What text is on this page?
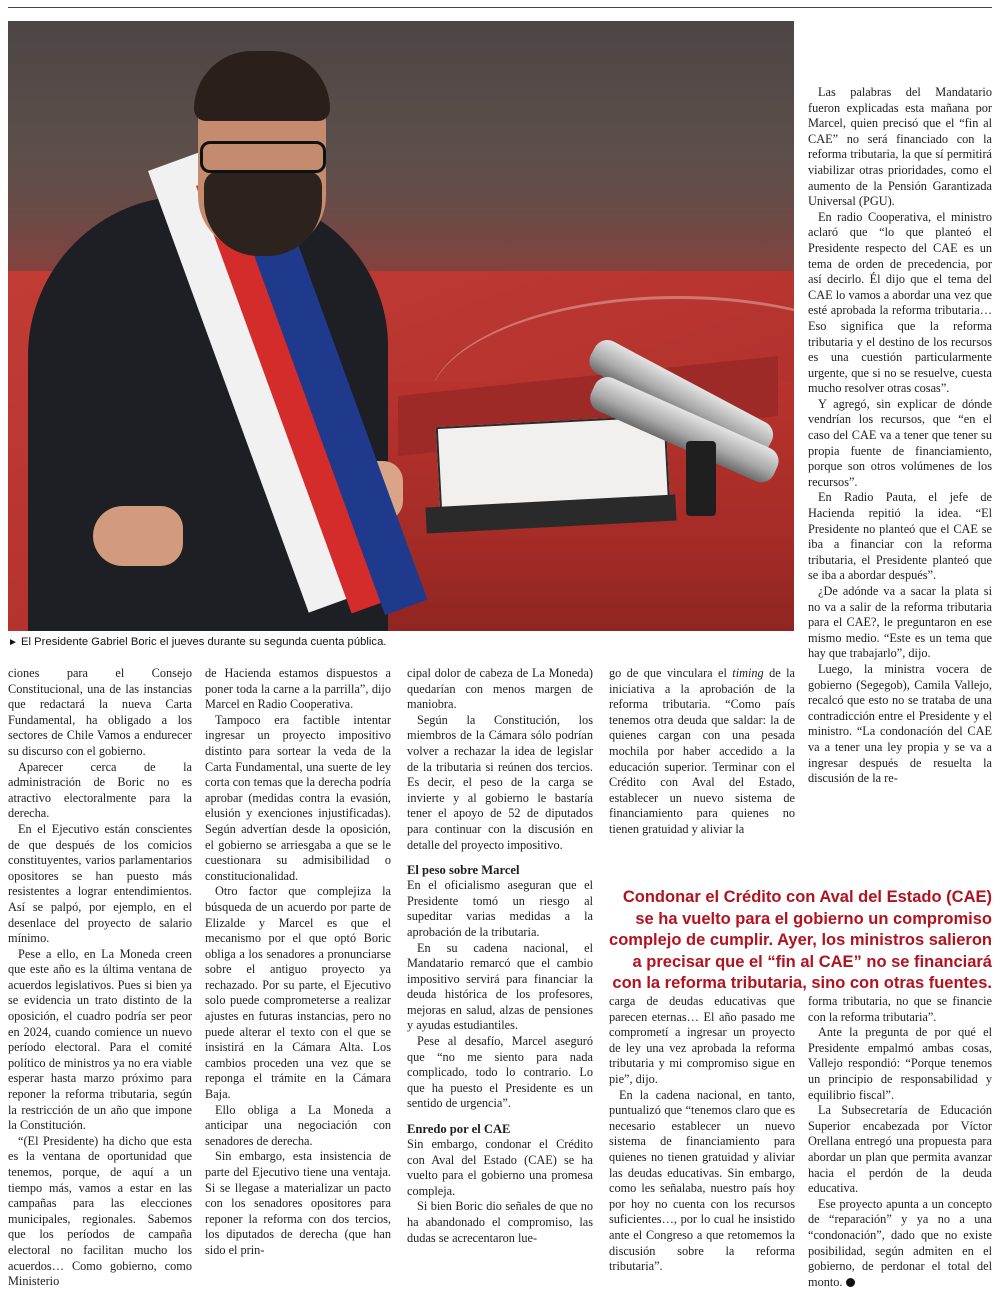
► El Presidente Gabriel Boric el jueves durante su segunda cuenta pública.

ciones para el Consejo Constitucional, una de las instancias que redactará la nueva Carta Fundamental, ha obligado a los sectores de Chile Vamos a endurecer su discurso con el gobierno.

Aparecer cerca de la administración de Boric no es atractivo electoralmente para la derecha.

En el Ejecutivo están conscientes de que después de los comicios constituyentes, varios parlamentarios opositores se han puesto más resistentes a lograr entendimientos. Así se palpó, por ejemplo, en el desenlace del proyecto de salario mínimo.

Pese a ello, en La Moneda creen que este año es la última ventana de acuerdos legislativos. Pues si bien ya se evidencia un trato distinto de la oposición, el cuadro podría ser peor en 2024, cuando comience un nuevo período electoral. Para el comité político de ministros ya no era viable esperar hasta marzo próximo para reponer la reforma tributaria, según la restricción de un año que impone la Constitución.

“(El Presidente) ha dicho que esta es la ventana de oportunidad que tenemos, porque, de aquí a un tiempo más, vamos a estar en las campañas para las elecciones municipales, regionales. Sabemos que los períodos de campaña electoral no facilitan mucho los acuerdos… Como gobierno, como Ministerio

de Hacienda estamos dispuestos a poner toda la carne a la parrilla”, dijo Marcel en Radio Cooperativa.

Tampoco era factible intentar ingresar un proyecto impositivo distinto para sortear la veda de la Carta Fundamental, una suerte de ley corta con temas que la derecha podría aprobar (medidas contra la evasión, elusión y exenciones injustificadas). Según advertían desde la oposición, el gobierno se arriesgaba a que se le cuestionara su admisibilidad o constitucionalidad.

Otro factor que complejiza la búsqueda de un acuerdo por parte de Elizalde y Marcel es que el mecanismo por el que optó Boric obliga a los senadores a pronunciarse sobre el antiguo proyecto ya rechazado. Por su parte, el Ejecutivo solo puede comprometerse a realizar ajustes en futuras instancias, pero no puede alterar el texto con el que se insistirá en la Cámara Alta. Los cambios proceden una vez que se reponga el trámite en la Cámara Baja.

Ello obliga a La Moneda a anticipar una negociación con senadores de derecha.

Sin embargo, esta insistencia de parte del Ejecutivo tiene una ventaja. Si se llegase a materializar un pacto con los senadores opositores para reponer la reforma con dos tercios, los diputados de derecha (que han sido el prin-

cipal dolor de cabeza de La Moneda) quedarían con menos margen de maniobra.

Según la Constitución, los miembros de la Cámara sólo podrían volver a rechazar la idea de legislar de la tributaria si reúnen dos tercios. Es decir, el peso de la carga se invierte y al gobierno le bastaría tener el apoyo de 52 de diputados para continuar con la discusión en detalle del proyecto impositivo.

El peso sobre Marcel

En el oficialismo aseguran que el Presidente tomó un riesgo al supeditar varias medidas a la aprobación de la tributaria.

En su cadena nacional, el Mandatario remarcó que el cambio impositivo servirá para financiar la deuda histórica de los profesores, mejoras en salud, alzas de pensiones y ayudas estudiantiles.

Pese al desafío, Marcel aseguró que “no me siento para nada complicado, todo lo contrario. Lo que ha puesto el Presidente es un sentido de urgencia”.

Enredo por el CAE

Sin embargo, condonar el Crédito con Aval del Estado (CAE) se ha vuelto para el gobierno una promesa compleja.

Si bien Boric dio señales de que no ha abandonado el compromiso, las dudas se acrecentaron lue-

go de que vinculara el timing de la iniciativa a la aprobación de la reforma tributaria. “Como país tenemos otra deuda que saldar: la de quienes cargan con una pesada mochila por haber accedido a la educación superior. Terminar con el Crédito con Aval del Estado, establecer un nuevo sistema de financiamiento para quienes no tienen gratuidad y aliviar la

Condonar el Crédito con Aval del Estado (CAE) se ha vuelto para el gobierno un compromiso complejo de cumplir. Ayer, los ministros salieron a precisar que el “fin al CAE” no se financiará con la reforma tributaria, sino con otras fuentes.

carga de deudas educativas que parecen eternas… El año pasado me comprometí a ingresar un proyecto de ley una vez aprobada la reforma tributaria y mi compromiso sigue en pie”, dijo.

En la cadena nacional, en tanto, puntualizó que “tenemos claro que es necesario establecer un nuevo sistema de financiamiento para quienes no tienen gratuidad y aliviar las deudas educativas. Sin embargo, como les señalaba, nuestro país hoy por hoy no cuenta con los recursos suficientes…, por lo cual he insistido ante el Congreso a que retomemos la discusión sobre la reforma tributaria”.

Las palabras del Mandatario fueron explicadas esta mañana por Marcel, quien precisó que el “fin al CAE” no será financiado con la reforma tributaria, la que sí permitirá viabilizar otras prioridades, como el aumento de la Pensión Garantizada Universal (PGU).

En radio Cooperativa, el ministro aclaró que “lo que planteó el Presidente respecto del CAE es un tema de orden de precedencia, por así decirlo. Él dijo que el tema del CAE lo vamos a abordar una vez que esté aprobada la reforma tributaria… Eso significa que la reforma tributaria y el destino de los recursos es una cuestión particularmente urgente, que si no se resuelve, cuesta mucho resolver otras cosas”.

Y agregó, sin explicar de dónde vendrían los recursos, que “en el caso del CAE va a tener que tener su propia fuente de financiamiento, porque son otros volúmenes de los recursos”.

En Radio Pauta, el jefe de Hacienda repitió la idea. “El Presidente no planteó que el CAE se iba a financiar con la reforma tributaria, el Presidente planteó que se iba a abordar después”.

¿De adónde va a sacar la plata si no va a salir de la reforma tributaria para el CAE?, le preguntaron en ese mismo medio. “Este es un tema que hay que trabajarlo”, dijo.

Luego, la ministra vocera de gobierno (Segegob), Camila Vallejo, recalcó que esto no se trataba de una contradicción entre el Presidente y el ministro. “La condonación del CAE va a tener una ley propia y se va a ingresar después de resuelta la discusión de la re-

forma tributaria, no que se financie con la reforma tributaria”.

Ante la pregunta de por qué el Presidente empalmó ambas cosas, Vallejo respondió: “Porque tenemos un principio de responsabilidad y equilibrio fiscal”.

La Subsecretaría de Educación Superior encabezada por Víctor Orellana entregó una propuesta para abordar un plan que permita avanzar hacia el perdón de la deuda educativa.

Ese proyecto apunta a un concepto de “reparación” y ya no a una “condonación”, dado que no existe posibilidad, según admiten en el gobierno, de perdonar el total del monto.
